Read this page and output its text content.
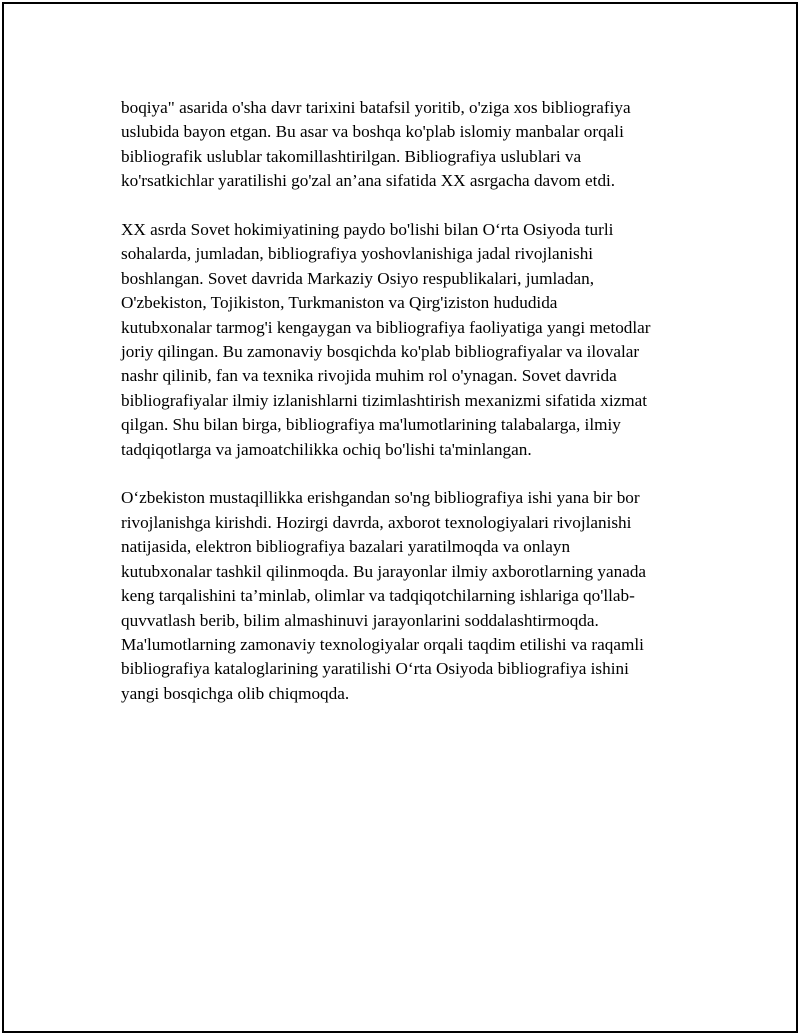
boqiya" asarida o'sha davr tarixini batafsil yoritib, o'ziga xos bibliografiya
uslubida bayon etgan. Bu asar va boshqa ko'plab islomiy manbalar orqali
bibliografik uslublar takomillashtirilgan. Bibliografiya uslublari va
ko'rsatkichlar yaratilishi go'zal an’ana sifatida XX asrgacha davom etdi.

XX asrda Sovet hokimiyatining paydo bo'lishi bilan O‘rta Osiyoda turli
sohalarda, jumladan, bibliografiya yoshovlanishiga jadal rivojlanishi
boshlangan. Sovet davrida Markaziy Osiyo respublikalari, jumladan,
O'zbekiston, Tojikiston, Turkmaniston va Qirg'iziston hududida
kutubxonalar tarmog'i kengaygan va bibliografiya faoliyatiga yangi metodlar
joriy qilingan. Bu zamonaviy bosqichda ko'plab bibliografiyalar va ilovalar
nashr qilinib, fan va texnika rivojida muhim rol o'ynagan. Sovet davrida
bibliografiyalar ilmiy izlanishlarni tizimlashtirish mexanizmi sifatida xizmat
qilgan. Shu bilan birga, bibliografiya ma'lumotlarining talabalarga, ilmiy
tadqiqotlarga va jamoatchilikka ochiq bo'lishi ta'minlangan.

O‘zbekiston mustaqillikka erishgandan so'ng bibliografiya ishi yana bir bor
rivojlanishga kirishdi. Hozirgi davrda, axborot texnologiyalari rivojlanishi
natijasida, elektron bibliografiya bazalari yaratilmoqda va onlayn
kutubxonalar tashkil qilinmoqda. Bu jarayonlar ilmiy axborotlarning yanada
keng tarqalishini ta’minlab, olimlar va tadqiqotchilarning ishlariga qo'llab-
quvvatlash berib, bilim almashinuvi jarayonlarini soddalashtirmoqda.
Ma'lumotlarning zamonaviy texnologiyalar orqali taqdim etilishi va raqamli
bibliografiya kataloglarining yaratilishi O‘rta Osiyoda bibliografiya ishini
yangi bosqichga olib chiqmoqda.
